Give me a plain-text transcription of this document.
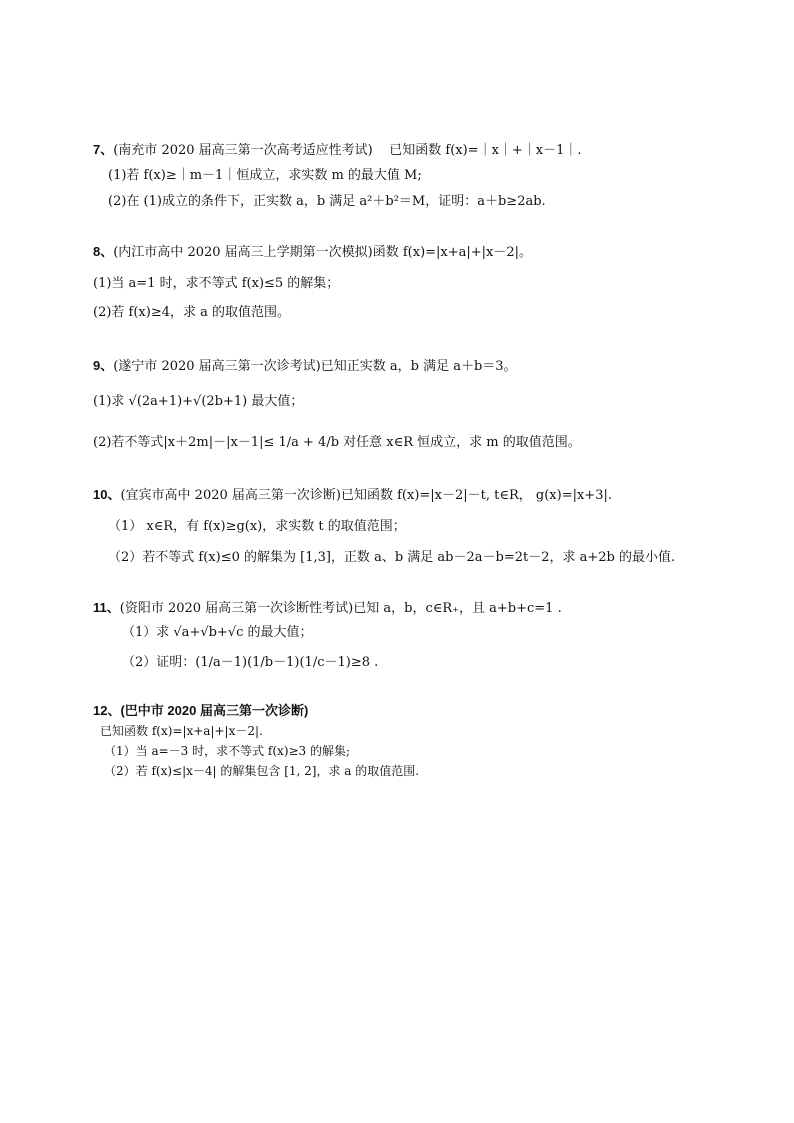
7、(南充市 2020 届高三第一次高考适应性考试) 已知函数 f(x)=｜x｜+｜x－1｜.
(1)若 f(x)≥｜m－1｜恒成立，求实数 m 的最大值 M;
(2)在 (1)成立的条件下，正实数 a，b 满足 a²＋b²＝M，证明：a＋b≥2ab.
8、(内江市高中 2020 届高三上学期第一次模拟)函数 f(x)=|x+a|+|x－2|。
(1)当 a=1 时，求不等式 f(x)≤5 的解集；
(2)若 f(x)≥4，求 a 的取值范围。
9、(遂宁市 2020 届高三第一次诊考试)已知正实数 a，b 满足 a＋b＝3。
(1)求 √(2a+1)+√(2b+1) 最大值；
(2)若不等式|x＋2m|－|x－1|≤ 1/a + 4/b 对任意 x∈R 恒成立，求 m 的取值范围。
10、(宜宾市高中 2020 届高三第一次诊断)已知函数 f(x)=|x－2|－t, t∈R， g(x)=|x+3|.
（1） x∈R，有 f(x)≥g(x)，求实数 t 的取值范围；
（2）若不等式 f(x)≤0 的解集为 [1,3]，正数 a、b 满足 ab－2a－b=2t－2，求 a+2b 的最小值.
11、(资阳市 2020 届高三第一次诊断性考试)已知 a，b，c∈R₊，且 a+b+c=1 .
（1）求 √a+√b+√c 的最大值；
（2）证明：(1/a－1)(1/b－1)(1/c－1)≥8 .
12、(巴中市 2020 届高三第一次诊断)
已知函数 f(x)=|x+a|+|x－2|.
（1）当 a=－3 时，求不等式 f(x)≥3 的解集;
（2）若 f(x)≤|x－4| 的解集包含 [1, 2]，求 a 的取值范围.
